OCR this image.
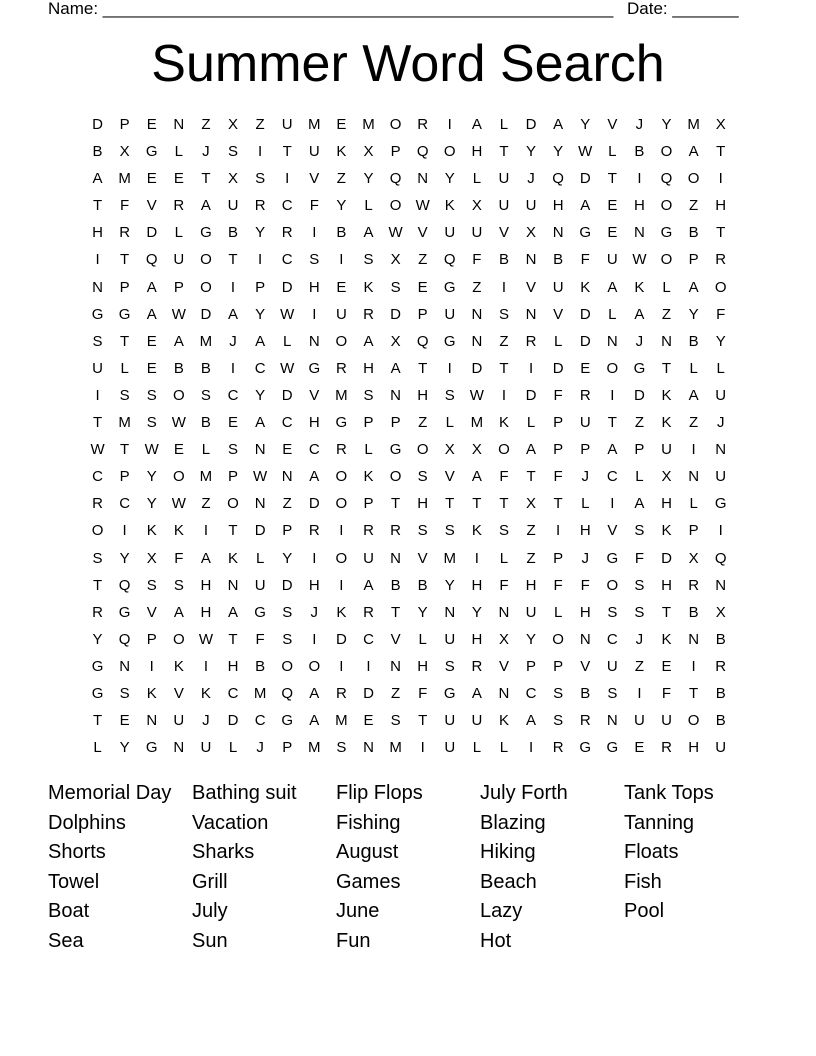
Name: ______________________________________________________

Date: _______

Summer Word Search
D	P	E	N	Z	X	Z	U	M	E	M	O	R	I	A	L	D	A	Y	V	J	Y	M	X
B	X	G	L	J	S	I	T	U	K	X	P	Q	O	H	T	Y	Y	W	L	B	O	A	T
A	M	E	E	T	X	S	I	V	Z	Y	Q	N	Y	L	U	J	Q	D	T	I	Q	O	I
T	F	V	R	A	U	R	C	F	Y	L	O W	K	X	U	U	H	A	E	H	O	Z	H
H	R	D	L	G	B	Y	R	I	B	A	W	V	U	U	V	X	N	G	E	N	G	B	T
I	T	Q	U	O	T	I	C	S	I	S	X	Z	Q	F	B	N	B	F	U W O	P	R
N	P	A	P	O	I	P	D	H	E	K	S	E	G	Z	I	V	U	K	A	K	L	A	O
G	G	A	W D	A	Y	W	I	U	R	D	P	U	N	S	N	V	D	L	A	Z	Y	F
S	T	E	A	M	J	A	L	N	O	A	X	Q	G	N	Z	R	L	D	N	J	N	B	Y
U	L	E	B	B	I	C W G	R	H	A	T	I	D	T	I	D	E	O	G	T	L	L
I	S	S	O	S	C	Y	D	V	M	S	N	H	S	W	I	D	F	R	I	D	K	A	U
T	M	S	W	B	E	A	C	H	G	P	P	Z	L	M	K	L	P	U	T	Z	K	Z	J
W	T	W	E	L	S	N	E	C	R	L	G	O	X	X	O	A	P	P	A	P	U	I	N
C	P	Y	O	M	P	W N	A	O	K	O	S	V	A	F	T	F	J	C	L	X	N	U
R	C	Y	W	Z	O	N	Z	D	O	P	T	H	T	T	T	X	T	L	I	A	H	L	G
O	I	K	K	I	T	D	P	R	I	R	R	S	S	K	S	Z	I	H	V	S	K	P	I
S	Y	X	F	A	K	L	Y	I	O	U	N	V	M	I	L	Z	P	J	G	F	D	X	Q
T	Q	S	S	H	N	U	D	H	I	A	B	B	Y	H	F	H	F	F	O	S	H	R	N
R	G	V	A	H	A	G	S	J	K	R	T	Y	N	Y	N	U	L	H	S	S	T	B	X
Y	Q	P	O W	T	F	S	I	D	C	V	L	U	H	X	Y	O	N	C	J	K	N	B
G	N	I	K	I	H	B	O	O	I	I	N	H	S	R	V	P	P	V	U	Z	E	I	R
G	S	K	V	K	C	M	Q	A	R	D	Z	F	G	A	N	C	S	B	S	I	F	T	B
T	E	N	U	J	D	C	G	A	M	E	S	T	U	U	K	A	S	R	N	U	U	O	B
L	Y	G	N	U	L	J	P	M	S	N	M	I	U	L	L	I	R	G	G	E	R	H	U
Memorial Day	Bathing suit	Flip Flops	July Forth	Tank Tops
Dolphins	Vacation	Fishing	Blazing	Tanning
Shorts	Sharks	August	Hiking	Floats
Towel	Grill	Games	Beach	Fish
Boat	July	June	Lazy	Pool
Sea	Sun	Fun	Hot
